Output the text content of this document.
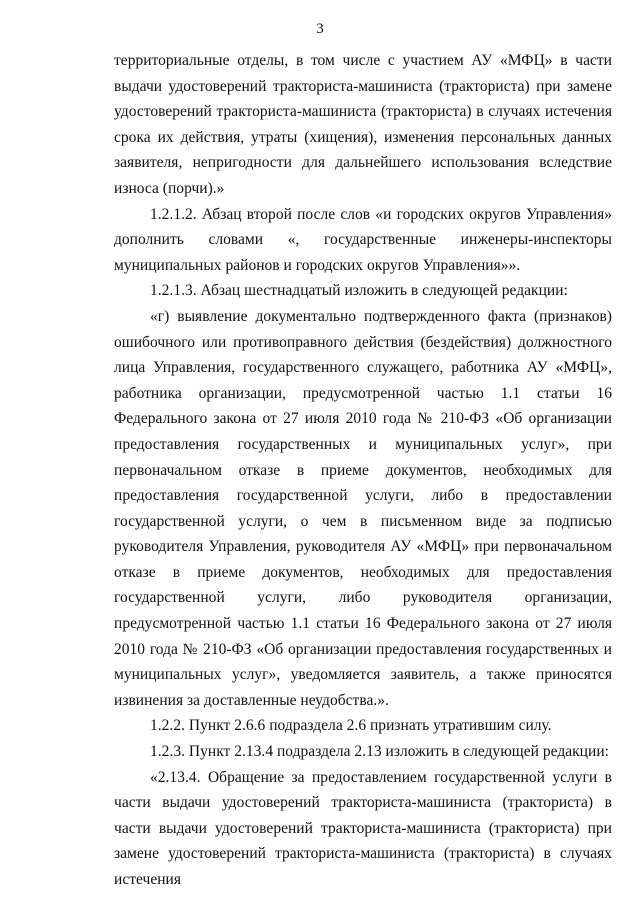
3

территориальные отделы, в том числе с участием АУ «МФЦ» в части выдачи удостоверений тракториста-машиниста (тракториста) при замене удостоверений тракториста-машиниста (тракториста) в случаях истечения срока их действия, утраты (хищения), изменения персональных данных заявителя, непригодности для дальнейшего использования вследствие износа (порчи).»

1.2.1.2. Абзац второй после слов «и городских округов Управления» дополнить словами «, государственные инженеры-инспекторы муниципальных районов и городских округов Управления»».

1.2.1.3. Абзац шестнадцатый изложить в следующей редакции:

«г) выявление документально подтвержденного факта (признаков) ошибочного или противоправного действия (бездействия) должностного лица Управления, государственного служащего, работника АУ «МФЦ», работника организации, предусмотренной частью 1.1 статьи 16 Федерального закона от 27 июля 2010 года № 210-ФЗ «Об организации предоставления государственных и муниципальных услуг», при первоначальном отказе в приеме документов, необходимых для предоставления государственной услуги, либо в предоставлении государственной услуги, о чем в письменном виде за подписью руководителя Управления, руководителя АУ «МФЦ» при первоначальном отказе в приеме документов, необходимых для предоставления государственной услуги, либо руководителя организации, предусмотренной частью 1.1 статьи 16 Федерального закона от 27 июля 2010 года № 210-ФЗ «Об организации предоставления государственных и муниципальных услуг», уведомляется заявитель, а также приносятся извинения за доставленные неудобства.».

1.2.2. Пункт 2.6.6 подраздела 2.6 признать утратившим силу.

1.2.3. Пункт 2.13.4 подраздела 2.13 изложить в следующей редакции:

«2.13.4. Обращение за предоставлением государственной услуги в части выдачи удостоверений тракториста-машиниста (тракториста) в части выдачи удостоверений тракториста-машиниста (тракториста) при замене удостоверений тракториста-машиниста (тракториста) в случаях истечения
